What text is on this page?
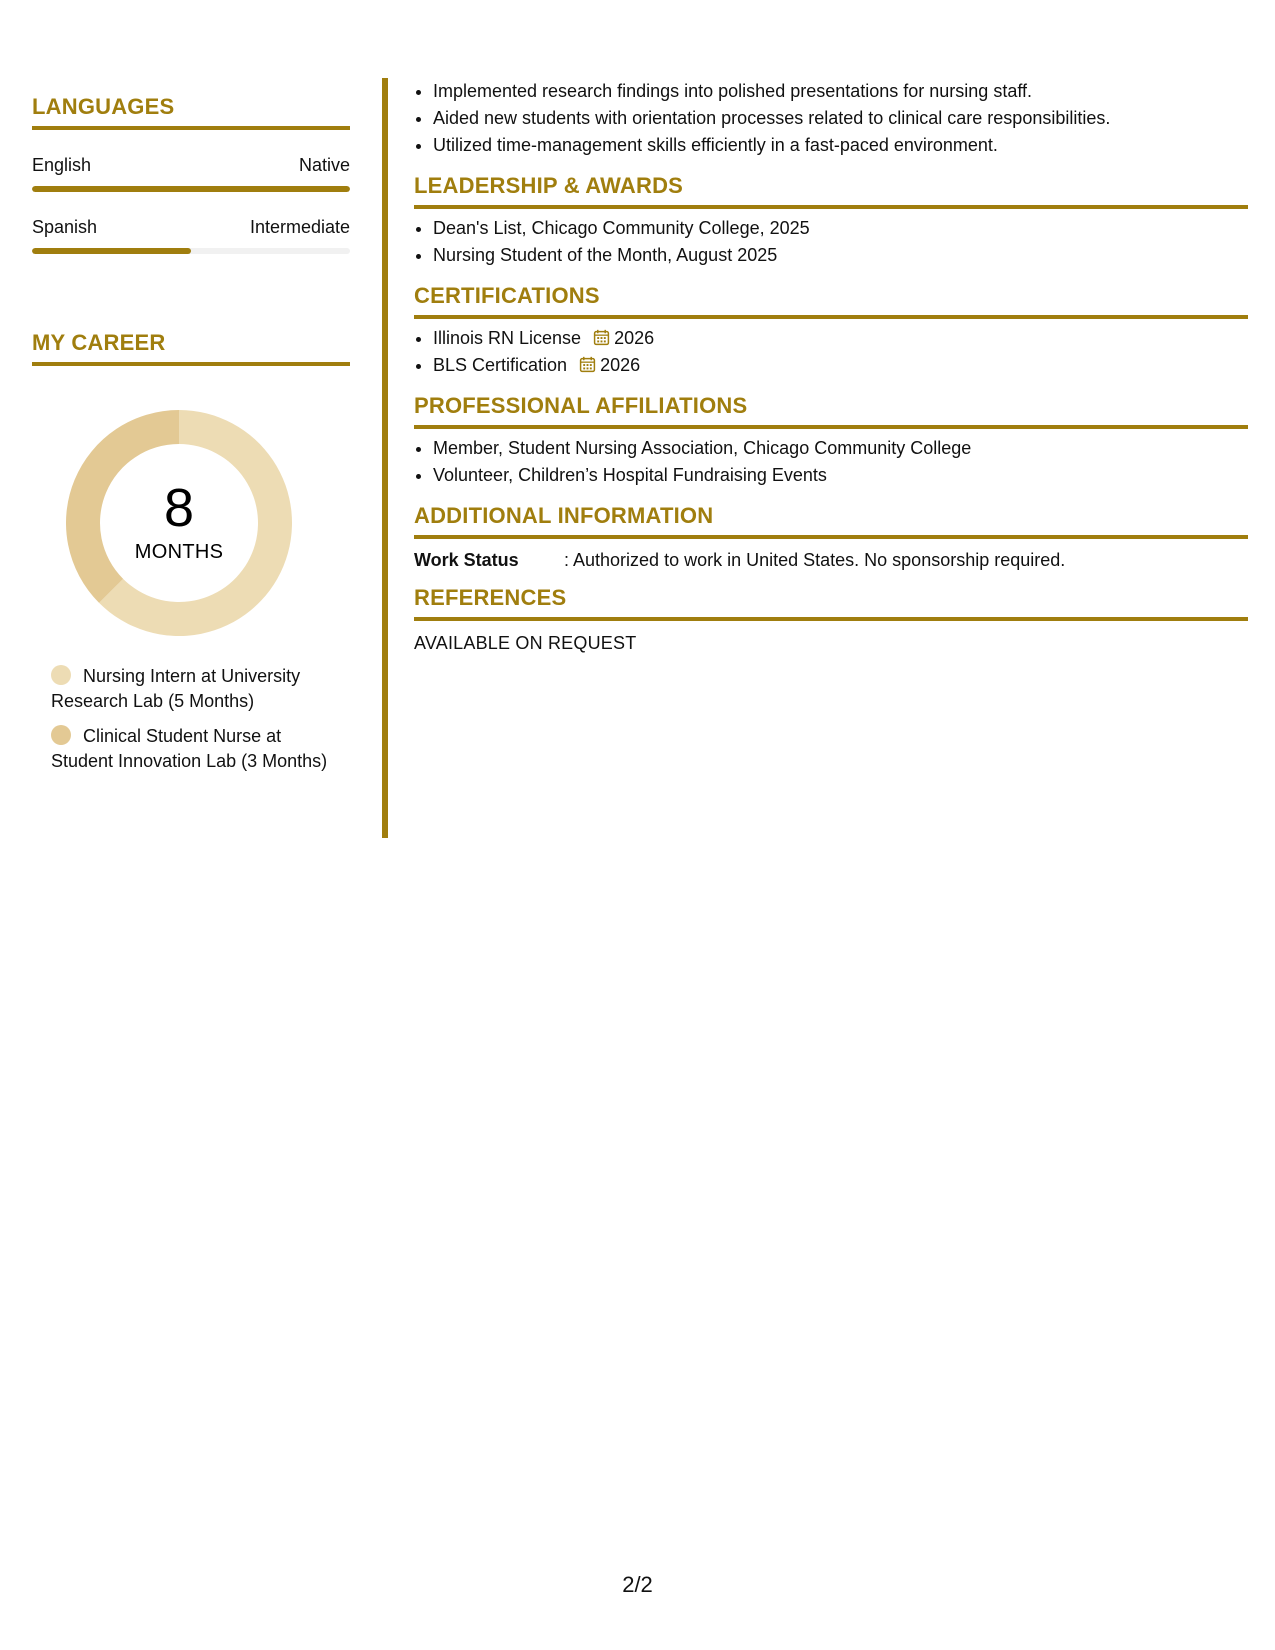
LANGUAGES
English	Native
Spanish	Intermediate
MY CAREER
8
MONTHS
Nursing Intern at University Research Lab (5 Months)
Clinical Student Nurse at Student Innovation Lab (3 Months)
• Implemented research findings into polished presentations for nursing staff.
• Aided new students with orientation processes related to clinical care responsibilities.
• Utilized time-management skills efficiently in a fast-paced environment.
LEADERSHIP & AWARDS
• Dean's List, Chicago Community College, 2025
• Nursing Student of the Month, August 2025
CERTIFICATIONS
• Illinois RN License 2026
• BLS Certification 2026
PROFESSIONAL AFFILIATIONS
• Member, Student Nursing Association, Chicago Community College
• Volunteer, Children’s Hospital Fundraising Events
ADDITIONAL INFORMATION
Work Status	: Authorized to work in United States. No sponsorship required.
REFERENCES
AVAILABLE ON REQUEST
2/2
